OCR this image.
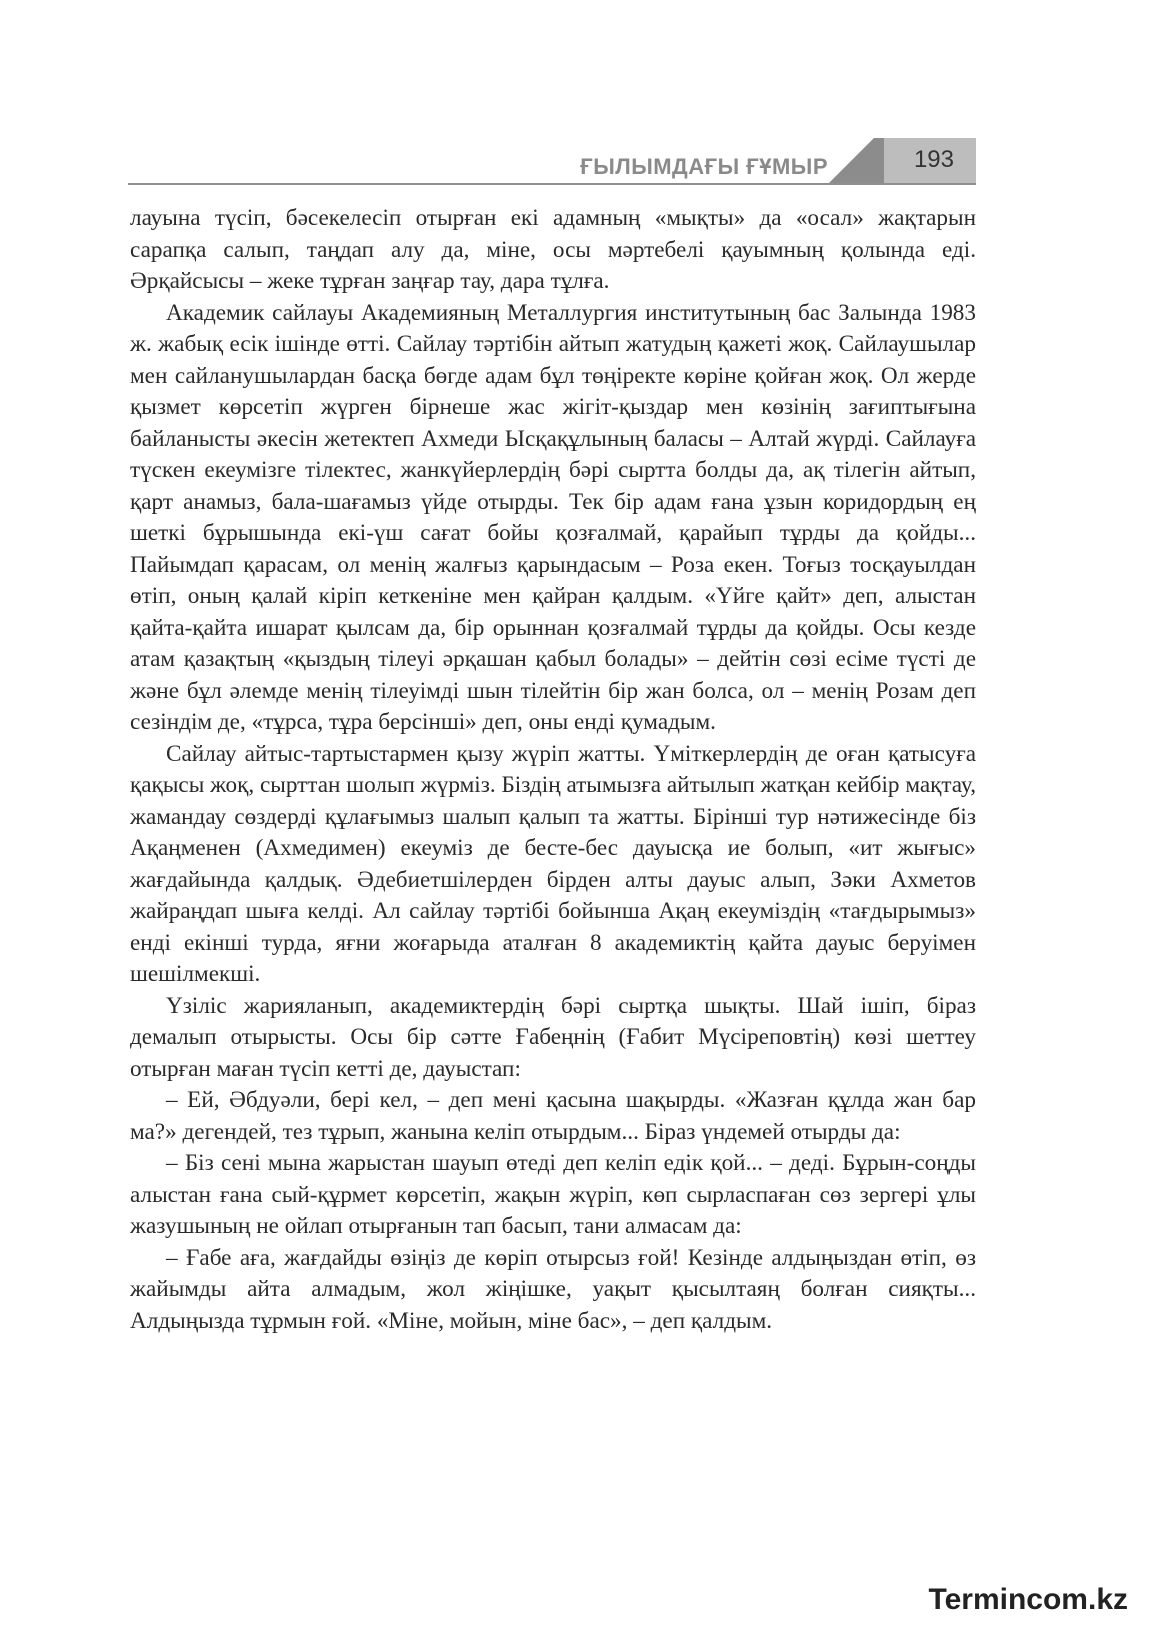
ҒЫЛЫМДАҒЫ ҒҰМЫР	193

лауына түсіп, бәсекелесіп отырған екі адамның «мықты» да «осал» жақтарын сарапқа салып, таңдап алу да, міне, осы мәртебелі қауымның қолында еді. Әрқайсысы – жеке тұрған заңғар тау, дара тұлға.

Академик сайлауы Академияның Металлургия институтының бас Залында 1983 ж. жабық есік ішінде өтті. Сайлау тәртібін айтып жатудың қажеті жоқ. Сайлаушылар мен сайланушылардан басқа бөгде адам бұл төңіректе көріне қойған жоқ. Ол жерде қызмет көрсетіп жүрген бірнеше жас жігіт-қыздар мен көзінің зағиптығына байланысты әкесін жетектеп Ахмеди Ысқақұлының баласы – Алтай жүрді. Сайлауға түскен екеумізге тілектес, жанкүйерлердің бәрі сыртта болды да, ақ тілегін айтып, қарт анамыз, бала-шағамыз үйде отырды. Тек бір адам ғана ұзын коридордың ең шеткі бұрышында екі-үш сағат бойы қозғалмай, қарайып тұрды да қойды... Пайымдап қарасам, ол менің жалғыз қарындасым – Роза екен. Тоғыз тосқауылдан өтіп, оның қалай кіріп кеткеніне мен қайран қалдым. «Үйге қайт» деп, алыстан қайта-қайта ишарат қылсам да, бір орыннан қозғалмай тұрды да қойды. Осы кезде атам қазақтың «қыздың тілеуі әрқашан қабыл болады» – дейтін сөзі есіме түсті де және бұл әлемде менің тілеуімді шын тілейтін бір жан болса, ол – менің Розам деп сезіндім де, «тұрса, тұра берсінші» деп, оны енді қумадым.

Сайлау айтыс-тартыстармен қызу жүріп жатты. Үміткерлердің де оған қатысуға қақысы жоқ, сырттан шолып жүрміз. Біздің атымызға айтылып жатқан кейбір мақтау, жамандау сөздерді құлағымыз шалып қалып та жатты. Бірінші тур нәтижесінде біз Ақаңменен (Ахмедимен) екеуміз де бесте-бес дауысқа ие болып, «ит жығыс» жағдайында қалдық. Әдебиетшілерден бірден алты дауыс алып, Зәки Ахметов жайраңдап шыға келді. Ал сайлау тәртібі бойынша Ақаң екеуміздің «тағдырымыз» енді екінші турда, яғни жоғарыда аталған 8 академиктің қайта дауыс беруімен шешілмекші.

Үзіліс жарияланып, академиктердің бәрі сыртқа шықты. Шай ішіп, біраз демалып отырысты. Осы бір сәтте Ғабеңнің (Ғабит Мүсіреповтің) көзі шеттеу отырған маған түсіп кетті де, дауыстап:

– Ей, Әбдуәли, бері кел, – деп мені қасына шақырды. «Жазған құлда жан бар ма?» дегендей, тез тұрып, жанына келіп отырдым... Біраз үндемей отырды да:

– Біз сені мына жарыстан шауып өтеді деп келіп едік қой... – деді. Бұрын-соңды алыстан ғана сый-құрмет көрсетіп, жақын жүріп, көп сырласпаған сөз зергері ұлы жазушының не ойлап отырғанын тап басып, тани алмасам да:

– Ғабе аға, жағдайды өзіңіз де көріп отырсыз ғой! Кезінде алдыңыздан өтіп, өз жайымды айта алмадым, жол жіңішке, уақыт қысылтаяң болған сияқты... Алдыңызда тұрмын ғой. «Міне, мойын, міне бас», – деп қалдым.

Termincom.kz
